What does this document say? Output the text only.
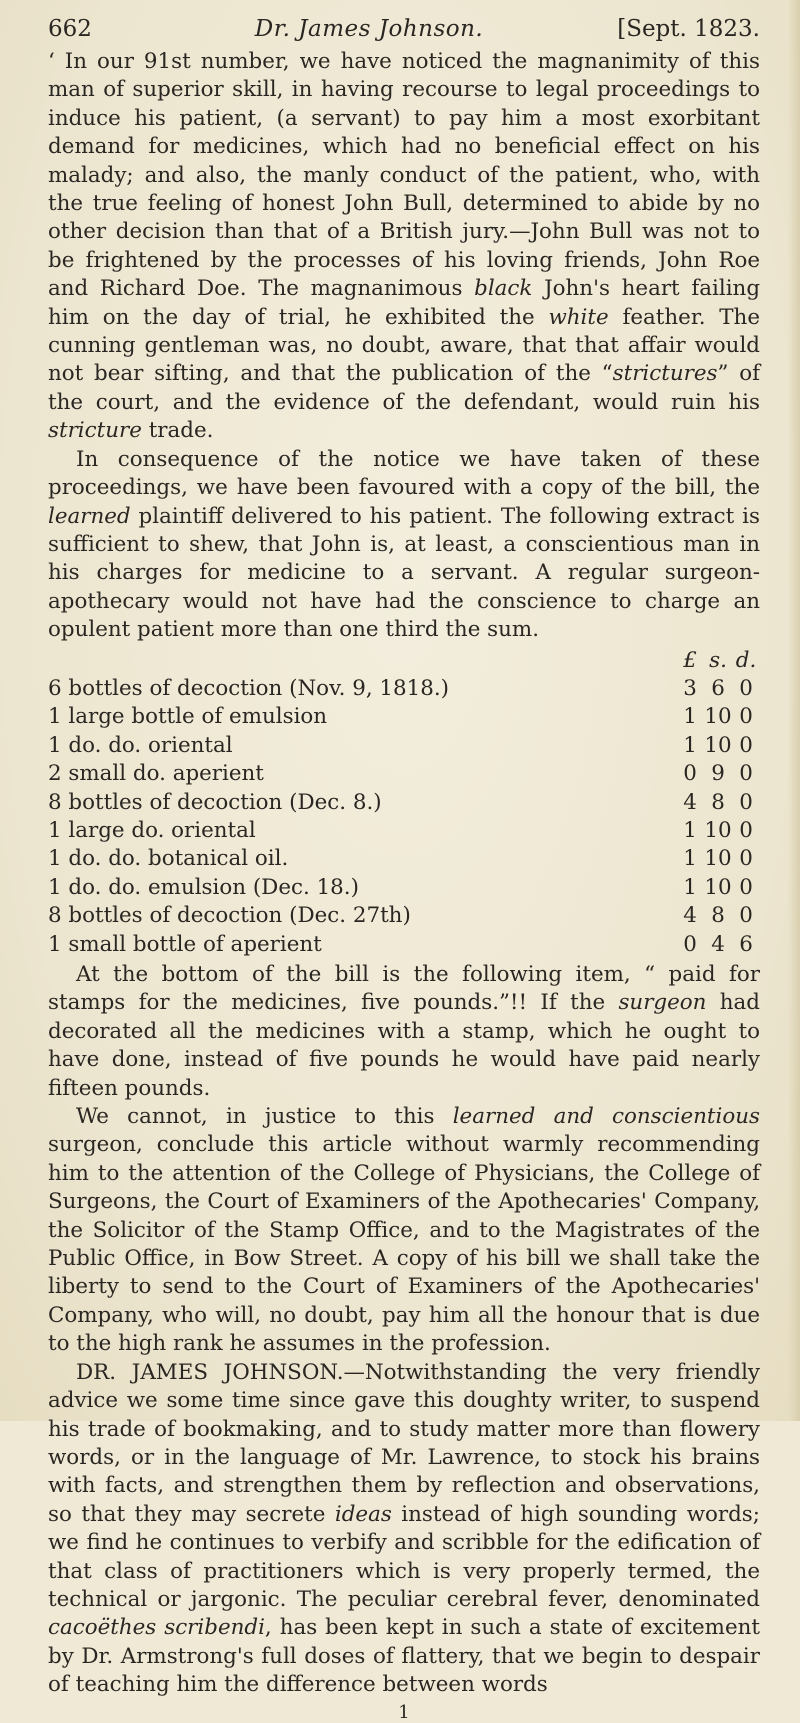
662	Dr. James Johnson.	[Sept. 1823.

‘ In our 91st number, we have noticed the magnanimity of this man of superior skill, in having recourse to legal proceedings to induce his patient, (a servant) to pay him a most exorbitant demand for medicines, which had no beneficial effect on his malady; and also, the manly conduct of the patient, who, with the true feeling of honest John Bull, determined to abide by no other decision than that of a British jury.—John Bull was not to be frightened by the processes of his loving friends, John Roe and Richard Doe. The magnanimous black John's heart failing him on the day of trial, he exhibited the white feather. The cunning gentleman was, no doubt, aware, that that affair would not bear sifting, and that the publication of the “strictures” of the court, and the evidence of the defendant, would ruin his stricture trade.

In consequence of the notice we have taken of these proceedings, we have been favoured with a copy of the bill, the learned plaintiff delivered to his patient. The following extract is sufficient to shew, that John is, at least, a conscientious man in his charges for medicine to a servant. A regular surgeon-apothecary would not have had the conscience to charge an opulent patient more than one third the sum.

£ s. d.
6 bottles of decoction (Nov. 9, 1818.)	3 6 0
1 large bottle of emulsion	1 10 0
1 do. do. oriental	1 10 0
2 small do. aperient	0 9 0
8 bottles of decoction (Dec. 8.)	4 8 0
1 large do. oriental	1 10 0
1 do. do. botanical oil.	1 10 0
1 do. do. emulsion (Dec. 18.)	1 10 0
8 bottles of decoction (Dec. 27th)	4 8 0
1 small bottle of aperient	0 4 6

At the bottom of the bill is the following item, “ paid for stamps for the medicines, five pounds.”!! If the surgeon had decorated all the medicines with a stamp, which he ought to have done, instead of five pounds he would have paid nearly fifteen pounds.

We cannot, in justice to this learned and conscientious surgeon, conclude this article without warmly recommending him to the attention of the College of Physicians, the College of Surgeons, the Court of Examiners of the Apothecaries' Company, the Solicitor of the Stamp Office, and to the Magistrates of the Public Office, in Bow Street. A copy of his bill we shall take the liberty to send to the Court of Examiners of the Apothecaries' Company, who will, no doubt, pay him all the honour that is due to the high rank he assumes in the profession.

DR. JAMES JOHNSON.—Notwithstanding the very friendly advice we some time since gave this doughty writer, to suspend his trade of bookmaking, and to study matter more than flowery words, or in the language of Mr. Lawrence, to stock his brains with facts, and strengthen them by reflection and observations, so that they may secrete ideas instead of high sounding words; we find he continues to verbify and scribble for the edification of that class of practitioners which is very properly termed, the technical or jargonic. The peculiar cerebral fever, denominated cacoëthes scribendi, has been kept in such a state of excitement by Dr. Armstrong's full doses of flattery, that we begin to despair of teaching him the difference between words

1
